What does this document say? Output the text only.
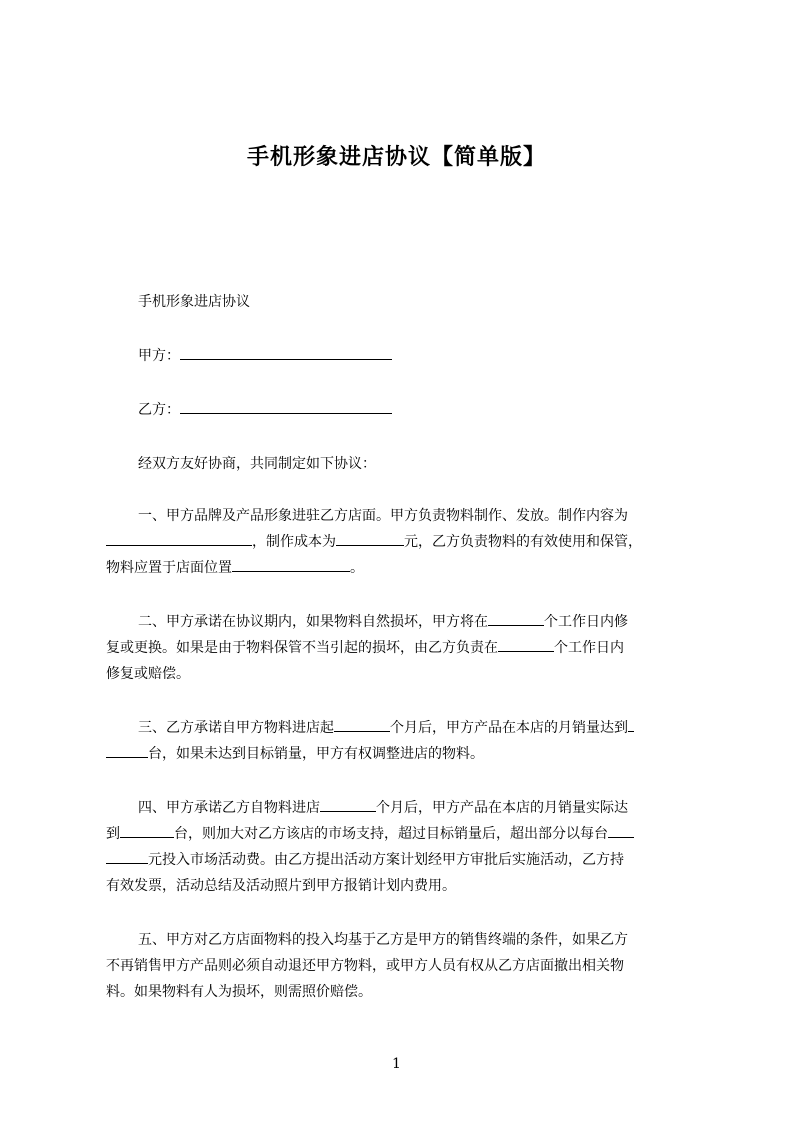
手机形象进店协议【简单版】
手机形象进店协议
甲方：
乙方：
经双方友好协商，共同制定如下协议：
一、甲方品牌及产品形象进驻乙方店面。甲方负责物料制作、发放。制作内容为
，制作成本为	元，乙方负责物料的有效使用和保管，
物料应置于店面位置	。
二、甲方承诺在协议期内，如果物料自然损坏，甲方将在	个工作日内修
复或更换。如果是由于物料保管不当引起的损坏，由乙方负责在	个工作日内
修复或赔偿。
三、乙方承诺自甲方物料进店起	个月后，甲方产品在本店的月销量达到
台，如果未达到目标销量，甲方有权调整进店的物料。
四、甲方承诺乙方自物料进店	个月后，甲方产品在本店的月销量实际达
到	台，则加大对乙方该店的市场支持，超过目标销量后，超出部分以每台
元投入市场活动费。由乙方提出活动方案计划经甲方审批后实施活动，乙方持
有效发票，活动总结及活动照片到甲方报销计划内费用。
五、甲方对乙方店面物料的投入均基于乙方是甲方的销售终端的条件，如果乙方
不再销售甲方产品则必须自动退还甲方物料，或甲方人员有权从乙方店面撤出相关物
料。如果物料有人为损坏，则需照价赔偿。
1
